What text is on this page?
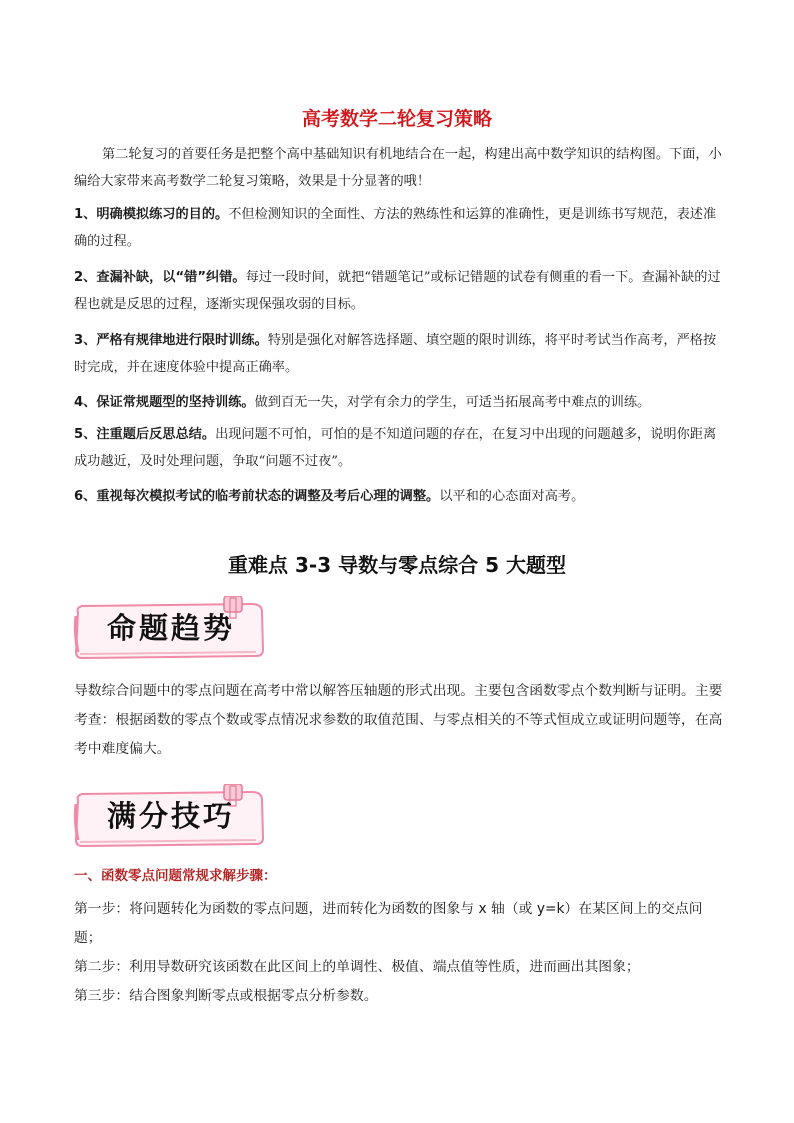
高考数学二轮复习策略
第二轮复习的首要任务是把整个高中基础知识有机地结合在一起，构建出高中数学知识的结构图。下面，小编给大家带来高考数学二轮复习策略，效果是十分显著的哦！
1、明确模拟练习的目的。不但检测知识的全面性、方法的熟练性和运算的准确性，更是训练书写规范，表述准确的过程。
2、查漏补缺，以“错”纠错。每过一段时间，就把“错题笔记”或标记错题的试卷有侧重的看一下。查漏补缺的过程也就是反思的过程，逐渐实现保强攻弱的目标。
3、严格有规律地进行限时训练。特别是强化对解答选择题、填空题的限时训练，将平时考试当作高考，严格按时完成，并在速度体验中提高正确率。
4、保证常规题型的坚持训练。做到百无一失，对学有余力的学生，可适当拓展高考中难点的训练。
5、注重题后反思总结。出现问题不可怕，可怕的是不知道问题的存在，在复习中出现的问题越多，说明你距离成功越近，及时处理问题，争取“问题不过夜”。
6、重视每次模拟考试的临考前状态的调整及考后心理的调整。以平和的心态面对高考。
重难点 3-3 导数与零点综合 5 大题型
命题趋势
导数综合问题中的零点问题在高考中常以解答压轴题的形式出现。主要包含函数零点个数判断与证明。主要考查：根据函数的零点个数或零点情况求参数的取值范围、与零点相关的不等式恒成立或证明问题等，在高考中难度偏大。
满分技巧
一、函数零点问题常规求解步骤：
第一步：将问题转化为函数的零点问题，进而转化为函数的图象与 x 轴（或 y=k）在某区间上的交点问题；
第二步：利用导数研究该函数在此区间上的单调性、极值、端点值等性质，进而画出其图象；
第三步：结合图象判断零点或根据零点分析参数。
